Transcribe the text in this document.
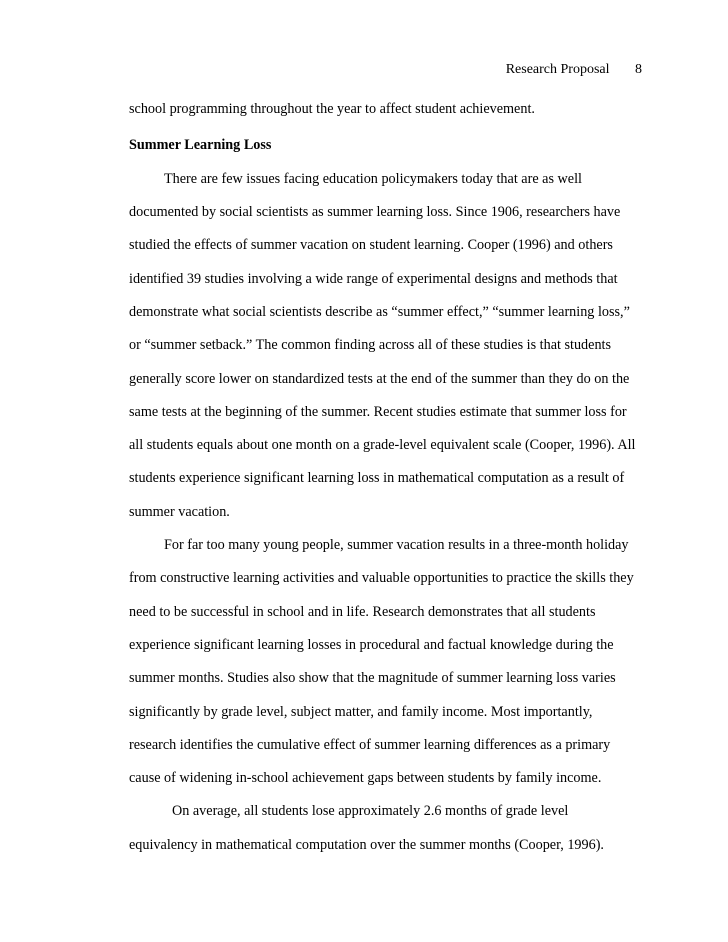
Research Proposal 8
school programming throughout the year to affect student achievement.
Summer Learning Loss
There are few issues facing education policymakers today that are as well
documented by social scientists as summer learning loss. Since 1906, researchers have
studied the effects of summer vacation on student learning. Cooper (1996) and others
identified 39 studies involving a wide range of experimental designs and methods that
demonstrate what social scientists describe as “summer effect,” “summer learning loss,”
or “summer setback.” The common finding across all of these studies is that students
generally score lower on standardized tests at the end of the summer than they do on the
same tests at the beginning of the summer. Recent studies estimate that summer loss for
all students equals about one month on a grade-level equivalent scale (Cooper, 1996). All
students experience significant learning loss in mathematical computation as a result of
summer vacation.
For far too many young people, summer vacation results in a three-month holiday
from constructive learning activities and valuable opportunities to practice the skills they
need to be successful in school and in life. Research demonstrates that all students
experience significant learning losses in procedural and factual knowledge during the
summer months. Studies also show that the magnitude of summer learning loss varies
significantly by grade level, subject matter, and family income. Most importantly,
research identifies the cumulative effect of summer learning differences as a primary
cause of widening in-school achievement gaps between students by family income.
On average, all students lose approximately 2.6 months of grade level
equivalency in mathematical computation over the summer months (Cooper, 1996).
